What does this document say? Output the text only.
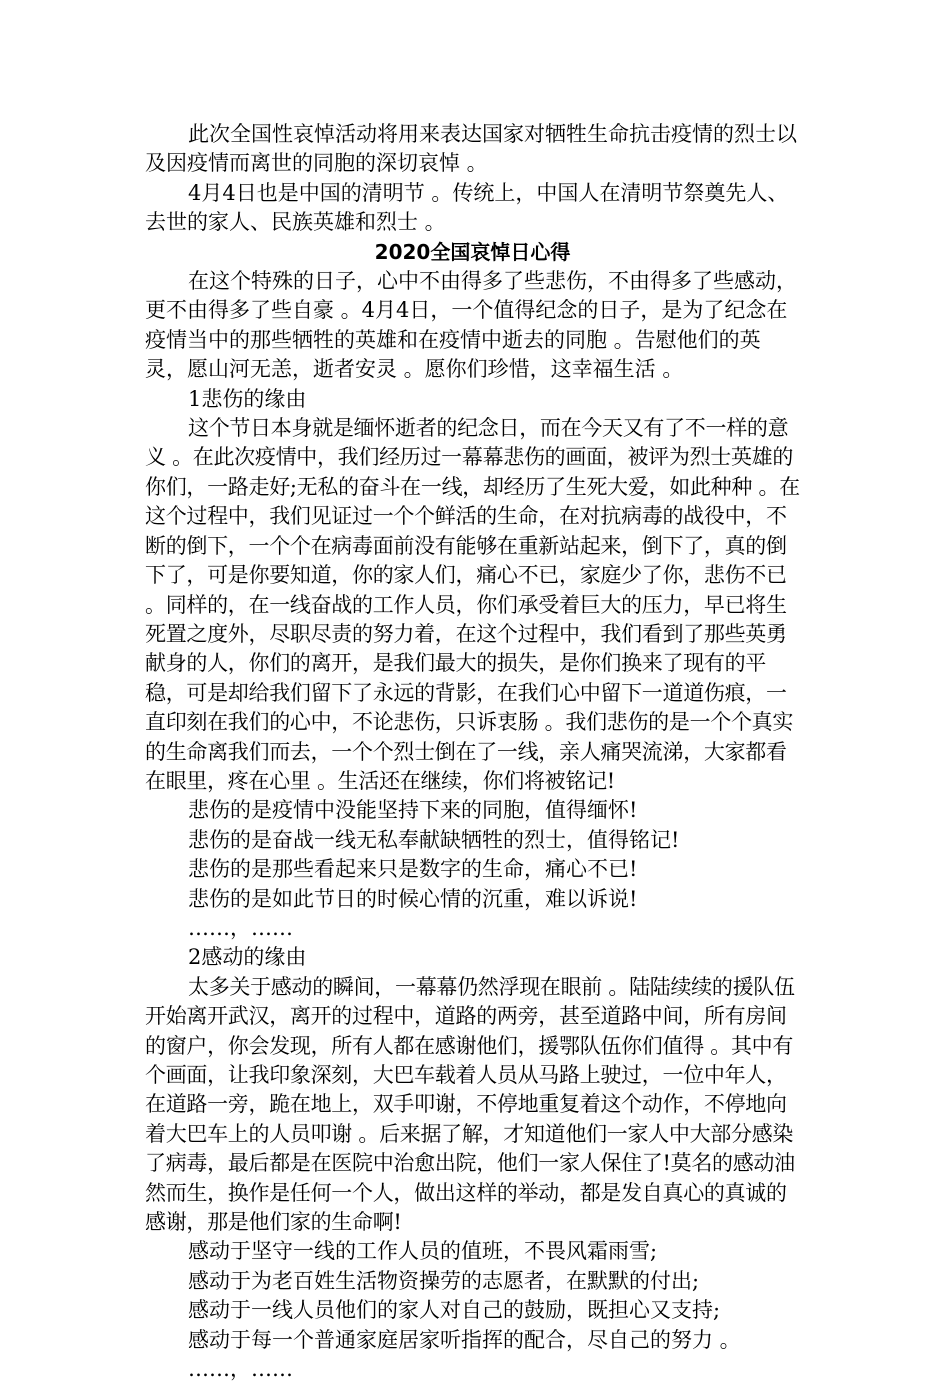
此次全国性哀悼活动将用来表达国家对牺牲生命抗击疫情的烈士以及因疫情而离世的同胞的深切哀悼 。

4月4日也是中国的清明节 。传统上，中国人在清明节祭奠先人、去世的家人、民族英雄和烈士 。

2020全国哀悼日心得

在这个特殊的日子，心中不由得多了些悲伤，不由得多了些感动，更不由得多了些自豪 。4月4日，一个值得纪念的日子，是为了纪念在疫情当中的那些牺牲的英雄和在疫情中逝去的同胞 。告慰他们的英灵，愿山河无恙，逝者安灵 。愿你们珍惜，这幸福生活 。

1悲伤的缘由

这个节日本身就是缅怀逝者的纪念日，而在今天又有了不一样的意义 。在此次疫情中，我们经历过一幕幕悲伤的画面，被评为烈士英雄的你们，一路走好;无私的奋斗在一线，却经历了生死大爱，如此种种 。在这个过程中，我们见证过一个个鲜活的生命，在对抗病毒的战役中，不断的倒下，一个个在病毒面前没有能够在重新站起来，倒下了，真的倒下了，可是你要知道，你的家人们，痛心不已，家庭少了你，悲伤不已 。同样的，在一线奋战的工作人员，你们承受着巨大的压力，早已将生死置之度外，尽职尽责的努力着，在这个过程中，我们看到了那些英勇献身的人，你们的离开，是我们最大的损失，是你们换来了现有的平稳，可是却给我们留下了永远的背影，在我们心中留下一道道伤痕，一直印刻在我们的心中，不论悲伤，只诉衷肠 。我们悲伤的是一个个真实的生命离我们而去，一个个烈士倒在了一线，亲人痛哭流涕，大家都看在眼里，疼在心里 。生活还在继续，你们将被铭记!

悲伤的是疫情中没能坚持下来的同胞，值得缅怀!

悲伤的是奋战一线无私奉献缺牺牲的烈士，值得铭记!

悲伤的是那些看起来只是数字的生命，痛心不已!

悲伤的是如此节日的时候心情的沉重，难以诉说!

……，……

2感动的缘由

太多关于感动的瞬间，一幕幕仍然浮现在眼前 。陆陆续续的援队伍开始离开武汉，离开的过程中，道路的两旁，甚至道路中间，所有房间的窗户，你会发现，所有人都在感谢他们，援鄂队伍你们值得 。其中有个画面，让我印象深刻，大巴车载着人员从马路上驶过，一位中年人，在道路一旁，跪在地上，双手叩谢，不停地重复着这个动作，不停地向着大巴车上的人员叩谢 。后来据了解，才知道他们一家人中大部分感染了病毒，最后都是在医院中治愈出院，他们一家人保住了!莫名的感动油然而生，换作是任何一个人，做出这样的举动，都是发自真心的真诚的感谢，那是他们家的生命啊!

感动于坚守一线的工作人员的值班，不畏风霜雨雪;

感动于为老百姓生活物资操劳的志愿者，在默默的付出;

感动于一线人员他们的家人对自己的鼓励，既担心又支持;

感动于每一个普通家庭居家听指挥的配合，尽自己的努力 。

……，……
